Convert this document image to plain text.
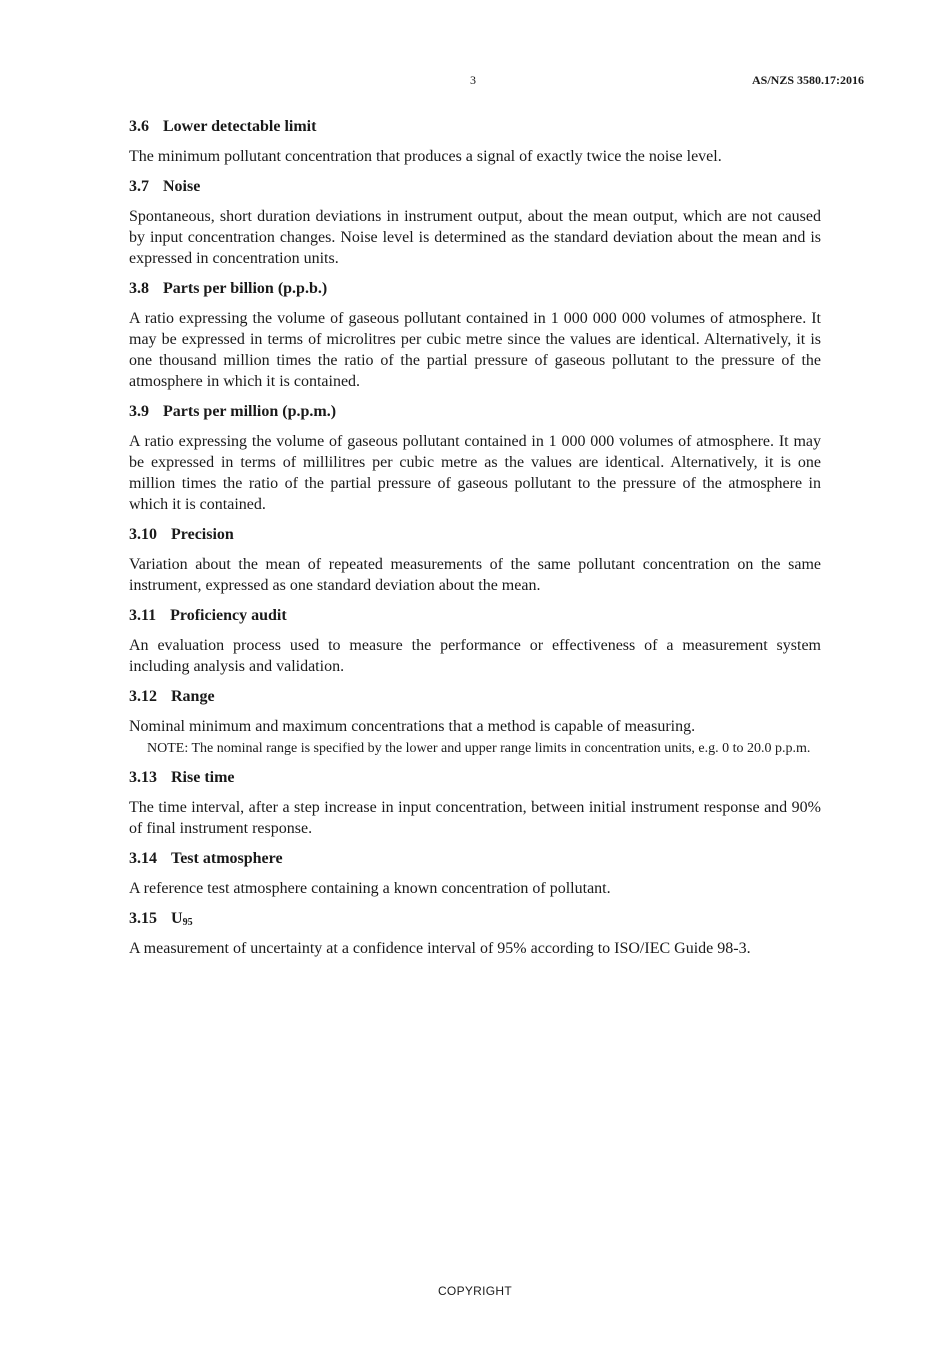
3	AS/NZS 3580.17:2016

3.6 Lower detectable limit

The minimum pollutant concentration that produces a signal of exactly twice the noise level.

3.7 Noise

Spontaneous, short duration deviations in instrument output, about the mean output, which are not caused by input concentration changes. Noise level is determined as the standard deviation about the mean and is expressed in concentration units.

3.8 Parts per billion (p.p.b.)

A ratio expressing the volume of gaseous pollutant contained in 1 000 000 000 volumes of atmosphere. It may be expressed in terms of microlitres per cubic metre since the values are identical. Alternatively, it is one thousand million times the ratio of the partial pressure of gaseous pollutant to the pressure of the atmosphere in which it is contained.

3.9 Parts per million (p.p.m.)

A ratio expressing the volume of gaseous pollutant contained in 1 000 000 volumes of atmosphere. It may be expressed in terms of millilitres per cubic metre as the values are identical. Alternatively, it is one million times the ratio of the partial pressure of gaseous pollutant to the pressure of the atmosphere in which it is contained.

3.10 Precision

Variation about the mean of repeated measurements of the same pollutant concentration on the same instrument, expressed as one standard deviation about the mean.

3.11 Proficiency audit

An evaluation process used to measure the performance or effectiveness of a measurement system including analysis and validation.

3.12 Range

Nominal minimum and maximum concentrations that a method is capable of measuring.

NOTE: The nominal range is specified by the lower and upper range limits in concentration units, e.g. 0 to 20.0 p.p.m.

3.13 Rise time

The time interval, after a step increase in input concentration, between initial instrument response and 90% of final instrument response.

3.14 Test atmosphere

A reference test atmosphere containing a known concentration of pollutant.

3.15 $U_{95}$

A measurement of uncertainty at a confidence interval of 95% according to ISO/IEC Guide 98-3.

COPYRIGHT
